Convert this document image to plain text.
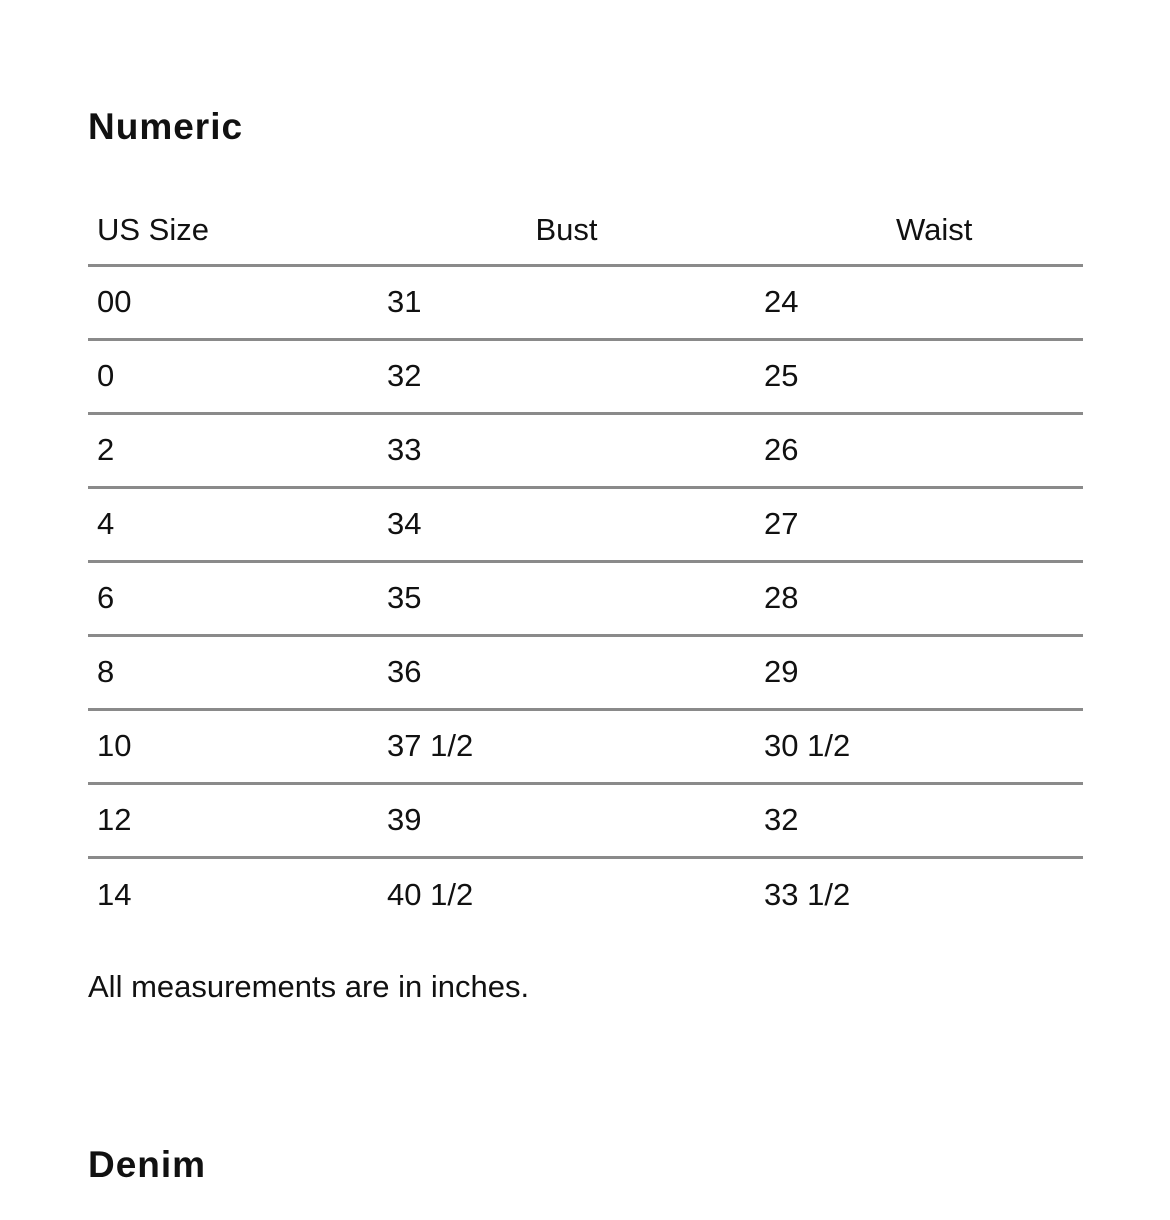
Numeric
US Size	Bust	Waist
00	31	24
0	32	25
2	33	26
4	34	27
6	35	28
8	36	29
10	37 1/2	30 1/2
12	39	32
14	40 1/2	33 1/2

All measurements are in inches.

Denim
